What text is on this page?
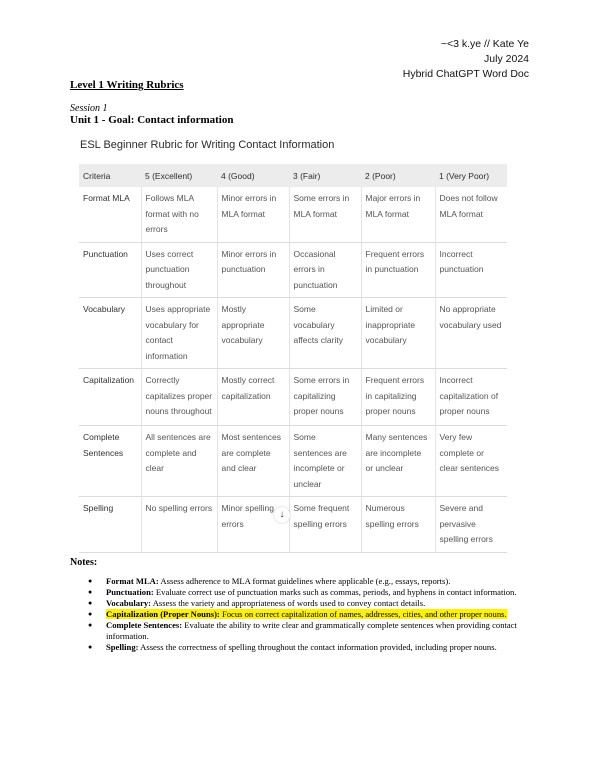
~<3 k.ye // Kate Ye
July 2024
Hybrid ChatGPT Word Doc
Level 1 Writing Rubrics
Session 1
Unit 1 - Goal: Contact information
ESL Beginner Rubric for Writing Contact Information
Criteria	5 (Excellent)	4 (Good)	3 (Fair)	2 (Poor)	1 (Very Poor)
Format MLA	Follows MLA format with no errors	Minor errors in MLA format	Some errors in MLA format	Major errors in MLA format	Does not follow MLA format
Punctuation	Uses correct punctuation throughout	Minor errors in punctuation	Occasional errors in punctuation	Frequent errors in punctuation	Incorrect punctuation
Vocabulary	Uses appropriate vocabulary for contact information	Mostly appropriate vocabulary	Some vocabulary affects clarity	Limited or inappropriate vocabulary	No appropriate vocabulary used
Capitalization	Correctly capitalizes proper nouns throughout	Mostly correct capitalization	Some errors in capitalizing proper nouns	Frequent errors in capitalizing proper nouns	Incorrect capitalization of proper nouns
Complete Sentences	All sentences are complete and clear	Most sentences are complete and clear	Some sentences are incomplete or unclear	Many sentences are incomplete or unclear	Very few complete or clear sentences
Spelling	No spelling errors	Minor spelling errors	Some frequent spelling errors	Numerous spelling errors	Severe and pervasive spelling errors
↓
Notes:
● Format MLA: Assess adherence to MLA format guidelines where applicable (e.g., essays, reports).
● Punctuation: Evaluate correct use of punctuation marks such as commas, periods, and hyphens in contact information.
● Vocabulary: Assess the variety and appropriateness of words used to convey contact details.
● Capitalization (Proper Nouns): Focus on correct capitalization of names, addresses, cities, and other proper nouns.
● Complete Sentences: Evaluate the ability to write clear and grammatically complete sentences when providing contact information.
● Spelling: Assess the correctness of spelling throughout the contact information provided, including proper nouns.
